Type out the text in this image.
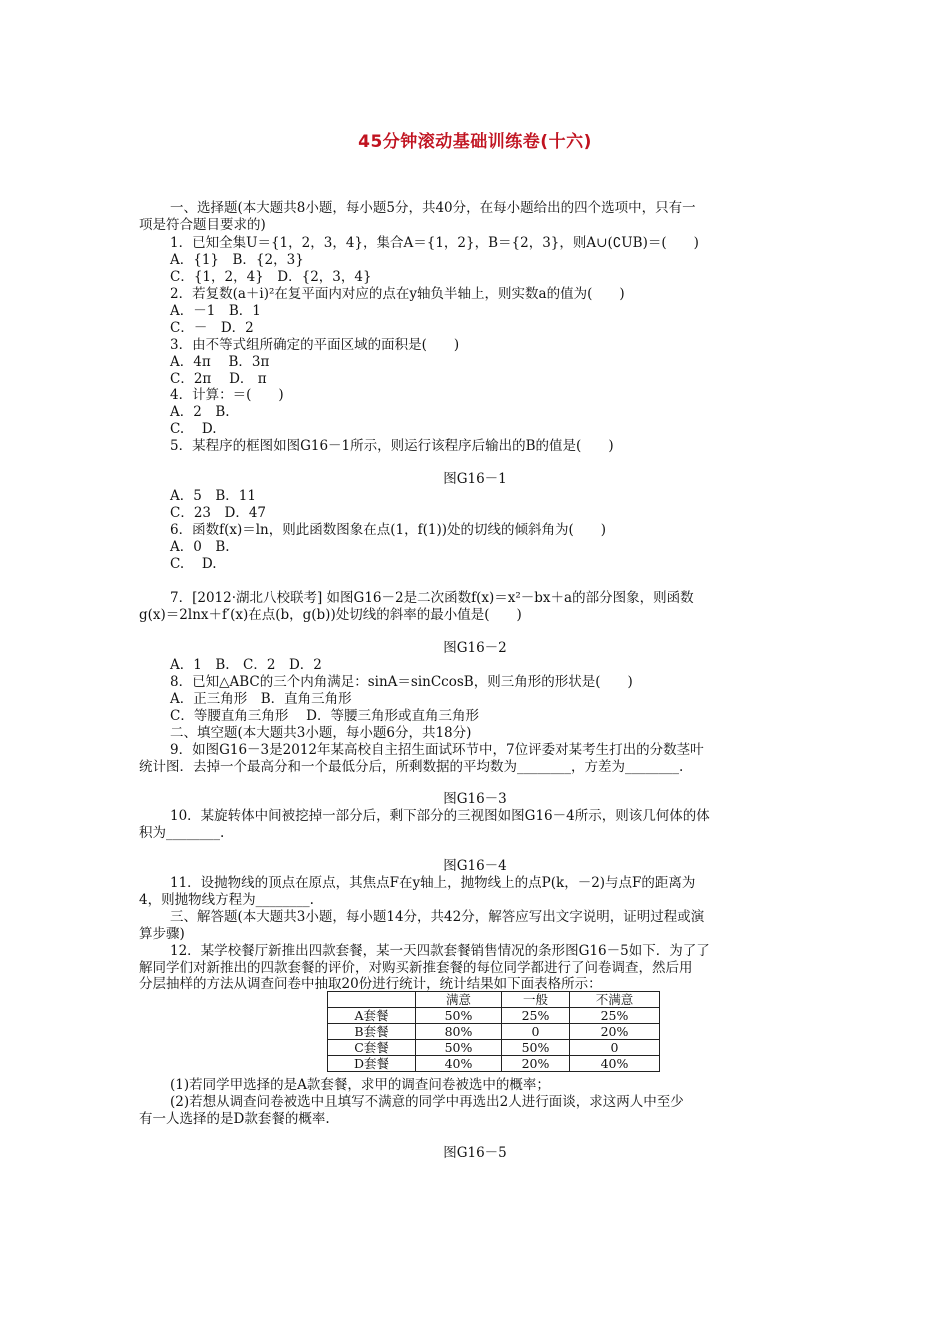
45分钟滚动基础训练卷(十六)
一、选择题(本大题共8小题，每小题5分，共40分，在每小题给出的四个选项中，只有一
项是符合题目要求的)
1．已知全集U＝{1，2，3，4}，集合A＝{1，2}，B＝{2，3}，则A∪(∁UB)＝(　　)
A．{1}　B．{2，3}
C．{1，2，4}　D．{2，3，4}
2．若复数(a＋i)²在复平面内对应的点在y轴负半轴上，则实数a的值为(　　)
A．－1　B．1
C．－　D．2
3．由不等式组所确定的平面区域的面积是(　　)
A．4π　 B．3π
C．2π　 D． π
4．计算：＝(　　)
A．2　B.
C.　 D.
5．某程序的框图如图G16－1所示，则运行该程序后输出的B的值是(　　)
图G16－1
A．5　B．11
C．23　D．47
6．函数f(x)＝ln，则此函数图象在点(1，f(1))处的切线的倾斜角为(　　)
A．0　B.
C.　 D.
7．[2012·湖北八校联考] 如图G16－2是二次函数f(x)＝x²－bx＋a的部分图象，则函数
g(x)＝2lnx＋f′(x)在点(b，g(b))处切线的斜率的最小值是(　　)
图G16－2
A．1　B.　C．2　D．2
8．已知△ABC的三个内角满足：sinA＝sinCcosB，则三角形的形状是(　　)
A．正三角形　B．直角三角形
C．等腰直角三角形　 D．等腰三角形或直角三角形
二、填空题(本大题共3小题，每小题6分，共18分)
9．如图G16－3是2012年某高校自主招生面试环节中，7位评委对某考生打出的分数茎叶
统计图．去掉一个最高分和一个最低分后，所剩数据的平均数为________，方差为________.
图G16－3
10．某旋转体中间被挖掉一部分后，剩下部分的三视图如图G16－4所示，则该几何体的体
积为________.
图G16－4
11．设抛物线的顶点在原点，其焦点F在y轴上，抛物线上的点P(k，－2)与点F的距离为
4，则抛物线方程为________.
三、解答题(本大题共3小题，每小题14分，共42分，解答应写出文字说明，证明过程或演
算步骤)
12．某学校餐厅新推出四款套餐，某一天四款套餐销售情况的条形图G16－5如下．为了了
解同学们对新推出的四款套餐的评价，对购买新推套餐的每位同学都进行了问卷调查，然后用
分层抽样的方法从调查问卷中抽取20份进行统计，统计结果如下面表格所示：
	满意	一般	不满意
A套餐	50%	25%	25%
B套餐	80%	0	20%
C套餐	50%	50%	0
D套餐	40%	20%	40%
(1)若同学甲选择的是A款套餐，求甲的调查问卷被选中的概率；
(2)若想从调查问卷被选中且填写不满意的同学中再选出2人进行面谈，求这两人中至少
有一人选择的是D款套餐的概率.
图G16－5
